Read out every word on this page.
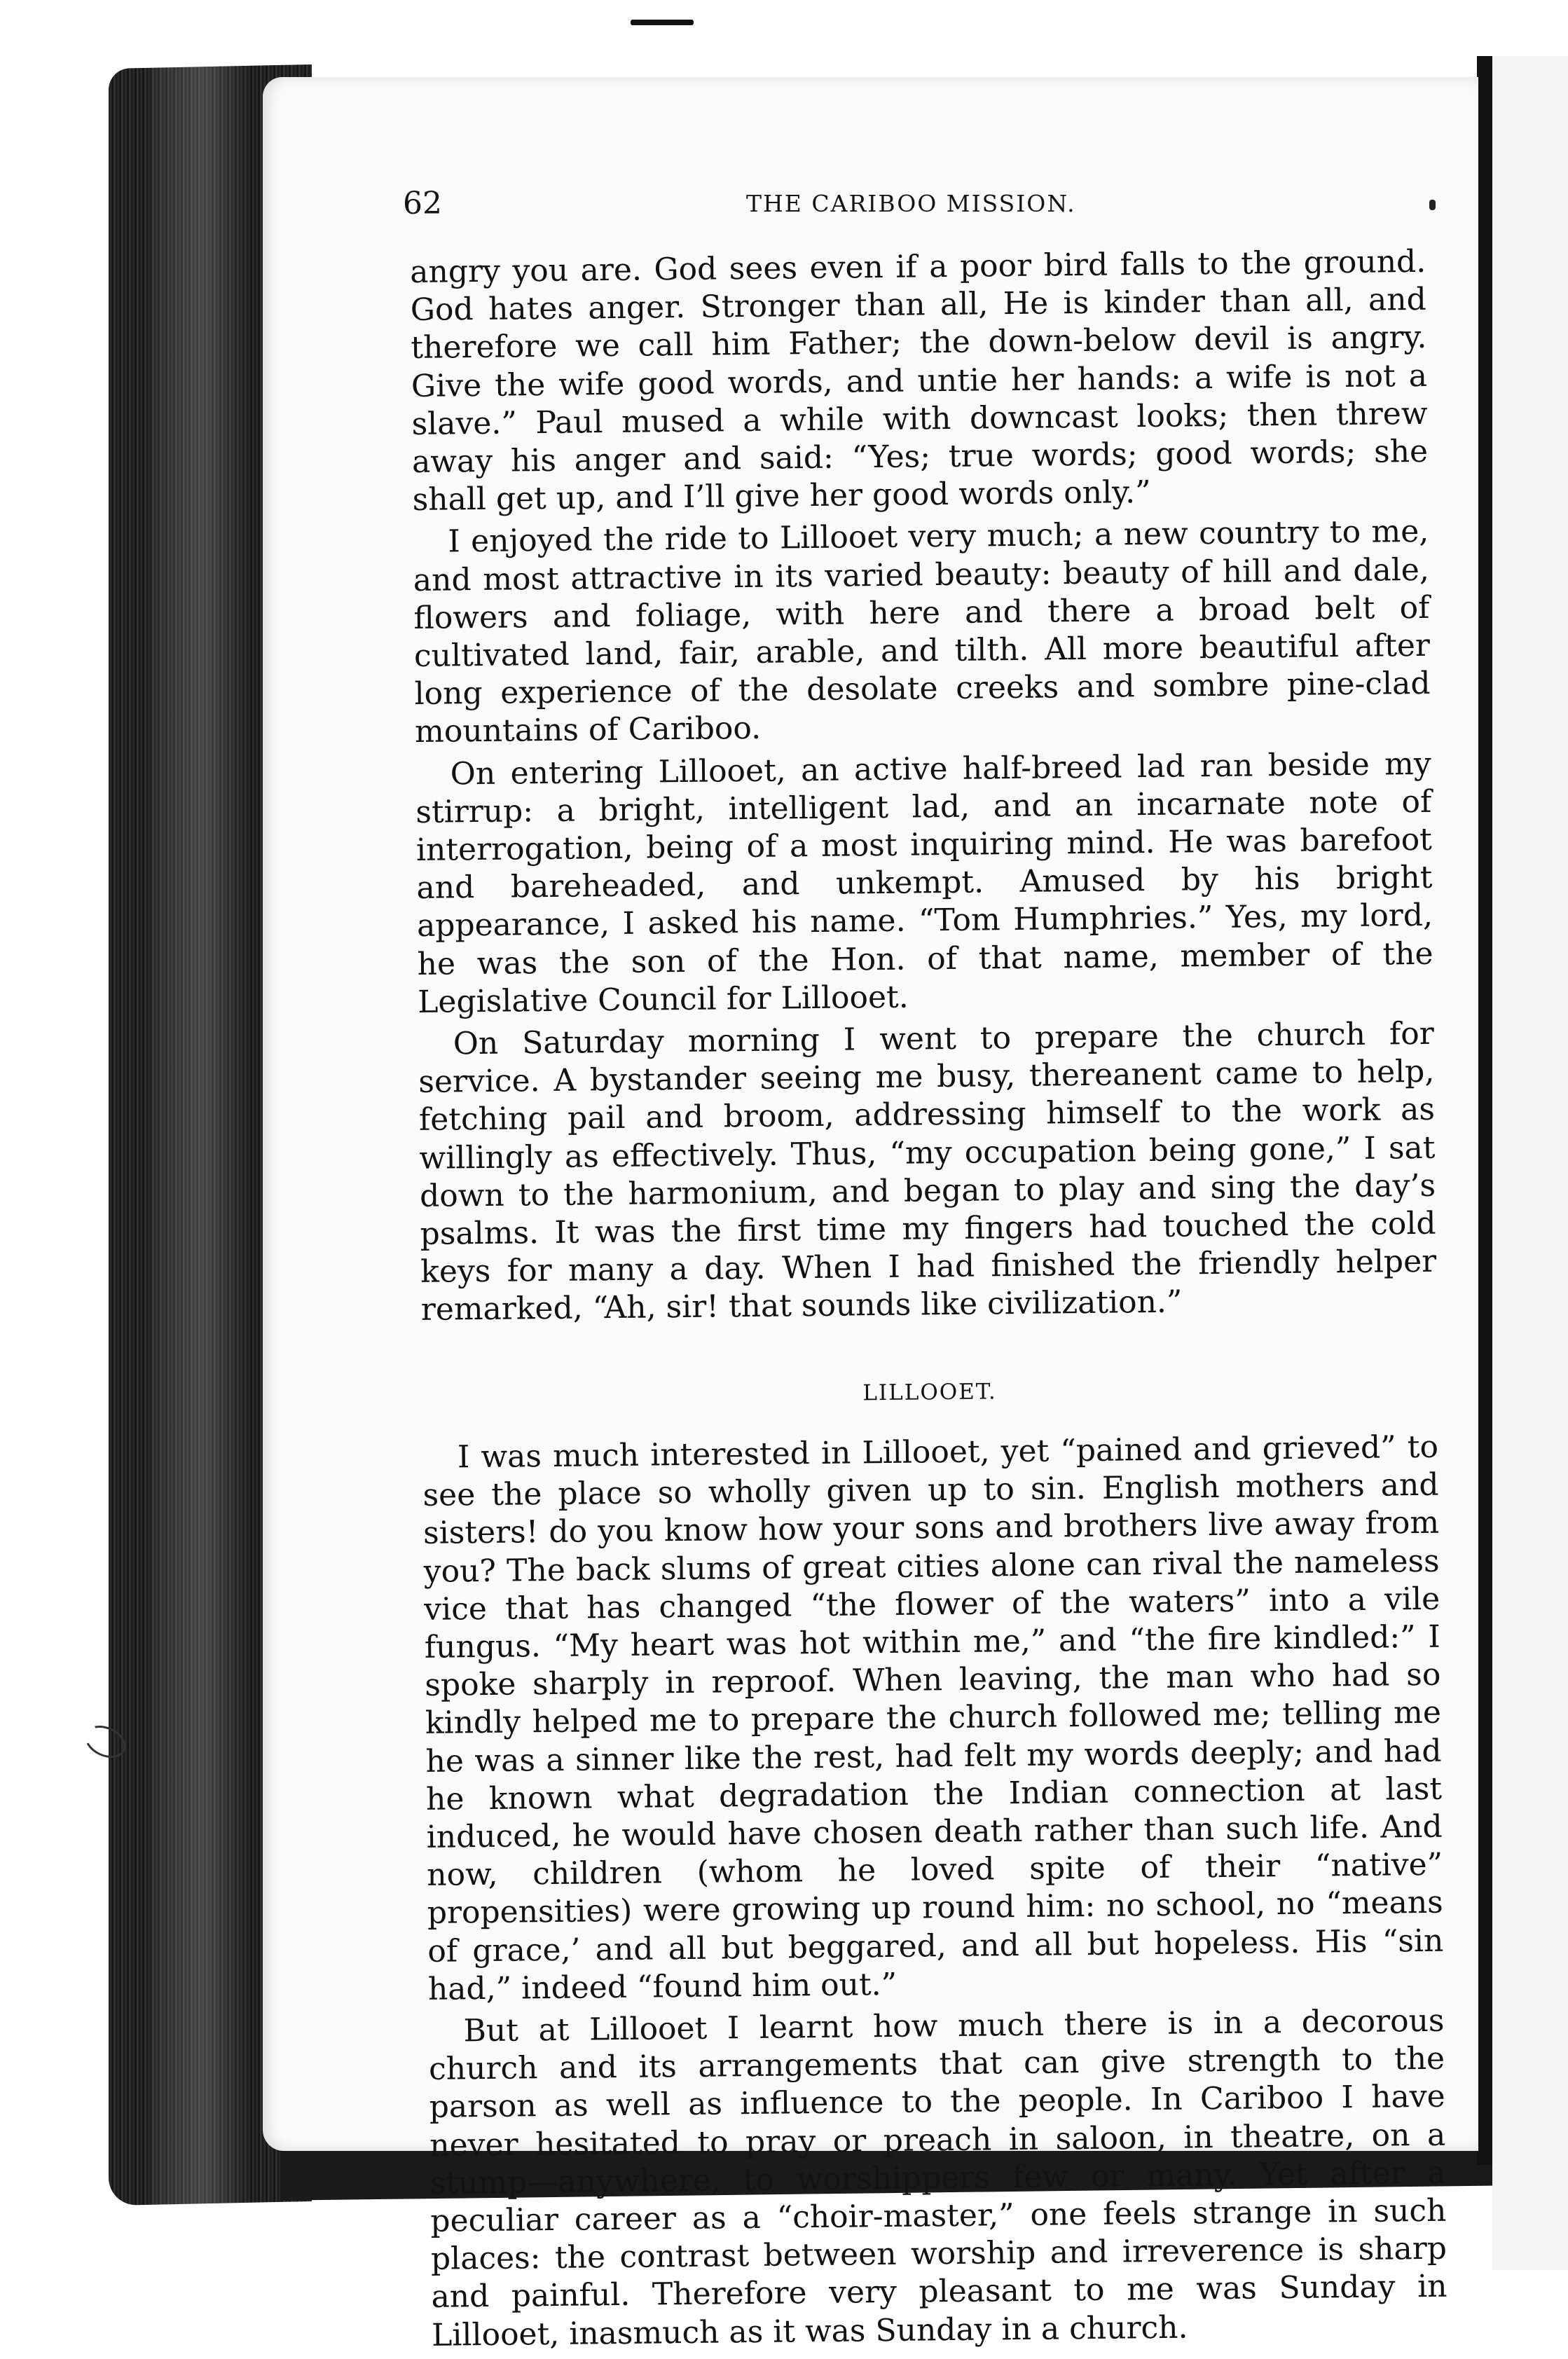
62	THE CARIBOO MISSION.

angry you are. God sees even if a poor bird falls to the ground. God hates anger. Stronger than all, He is kinder than all, and therefore we call him Father; the down-below devil is angry. Give the wife good words, and untie her hands: a wife is not a slave.” Paul mused a while with downcast looks; then threw away his anger and said: “Yes; true words; good words; she shall get up, and I’ll give her good words only.”

I enjoyed the ride to Lillooet very much; a new country to me, and most attractive in its varied beauty: beauty of hill and dale, flowers and foliage, with here and there a broad belt of cultivated land, fair, arable, and tilth. All more beautiful after long experience of the desolate creeks and sombre pine-clad mountains of Cariboo.

On entering Lillooet, an active half-breed lad ran beside my stirrup: a bright, intelligent lad, and an incarnate note of interrogation, being of a most inquiring mind. He was barefoot and bareheaded, and unkempt. Amused by his bright appearance, I asked his name. “Tom Humphries.” Yes, my lord, he was the son of the Hon. of that name, member of the Legislative Council for Lillooet.

On Saturday morning I went to prepare the church for service. A bystander seeing me busy, thereanent came to help, fetching pail and broom, addressing himself to the work as willingly as effectively. Thus, “my occupation being gone,” I sat down to the harmonium, and began to play and sing the day’s psalms. It was the first time my fingers had touched the cold keys for many a day. When I had finished the friendly helper remarked, “Ah, sir! that sounds like civilization.”

LILLOOET.

I was much interested in Lillooet, yet “pained and grieved” to see the place so wholly given up to sin. English mothers and sisters! do you know how your sons and brothers live away from you? The back slums of great cities alone can rival the nameless vice that has changed “the flower of the waters” into a vile fungus. “My heart was hot within me,” and “the fire kindled:” I spoke sharply in reproof. When leaving, the man who had so kindly helped me to prepare the church followed me; telling me he was a sinner like the rest, had felt my words deeply; and had he known what degradation the Indian connection at last induced, he would have chosen death rather than such life. And now, children (whom he loved spite of their “native” propensities) were growing up round him: no school, no “means of grace,’ and all but beggared, and all but hopeless. His “sin had,” indeed “found him out.”

But at Lillooet I learnt how much there is in a decorous church and its arrangements that can give strength to the parson as well as influence to the people. In Cariboo I have never hesitated to pray or preach in saloon, in theatre, on a stump—anywhere, to worshippers few or many. Yet after a peculiar career as a “choir-master,” one feels strange in such places: the contrast between worship and irreverence is sharp and painful. Therefore very pleasant to me was Sunday in Lillooet, inasmuch as it was Sunday in a church.
